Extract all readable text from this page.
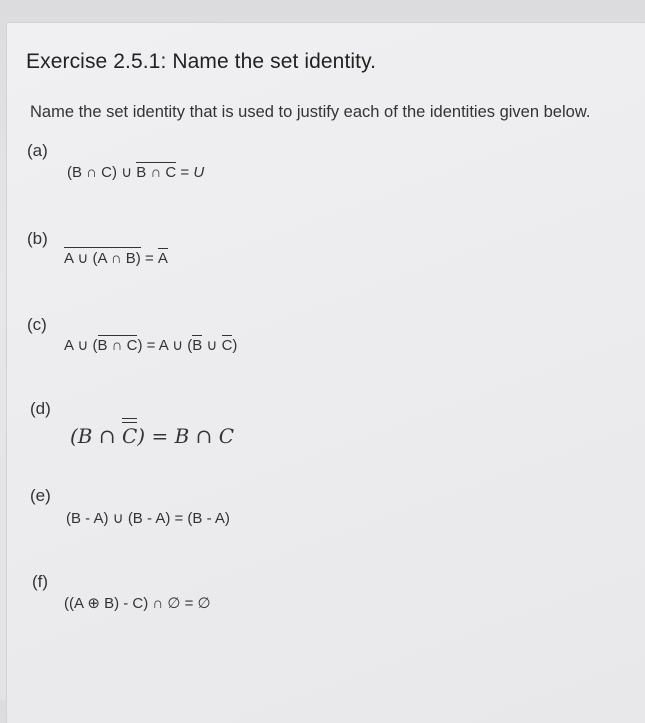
Exercise 2.5.1: Name the set identity.
Name the set identity that is used to justify each of the identities given below.
(a)
(B ∩ C) ∪ B ∩ C = U
(b)
A ∪ (A ∩ B) = A
(c)
A ∪ (B ∩ C) = A ∪ (B ∪ C)
(d)
(B ∩ C) = B ∩ C
(e)
(B - A) ∪ (B - A) = (B - A)
(f)
((A ⊕ B) - C) ∩ ∅ = ∅
